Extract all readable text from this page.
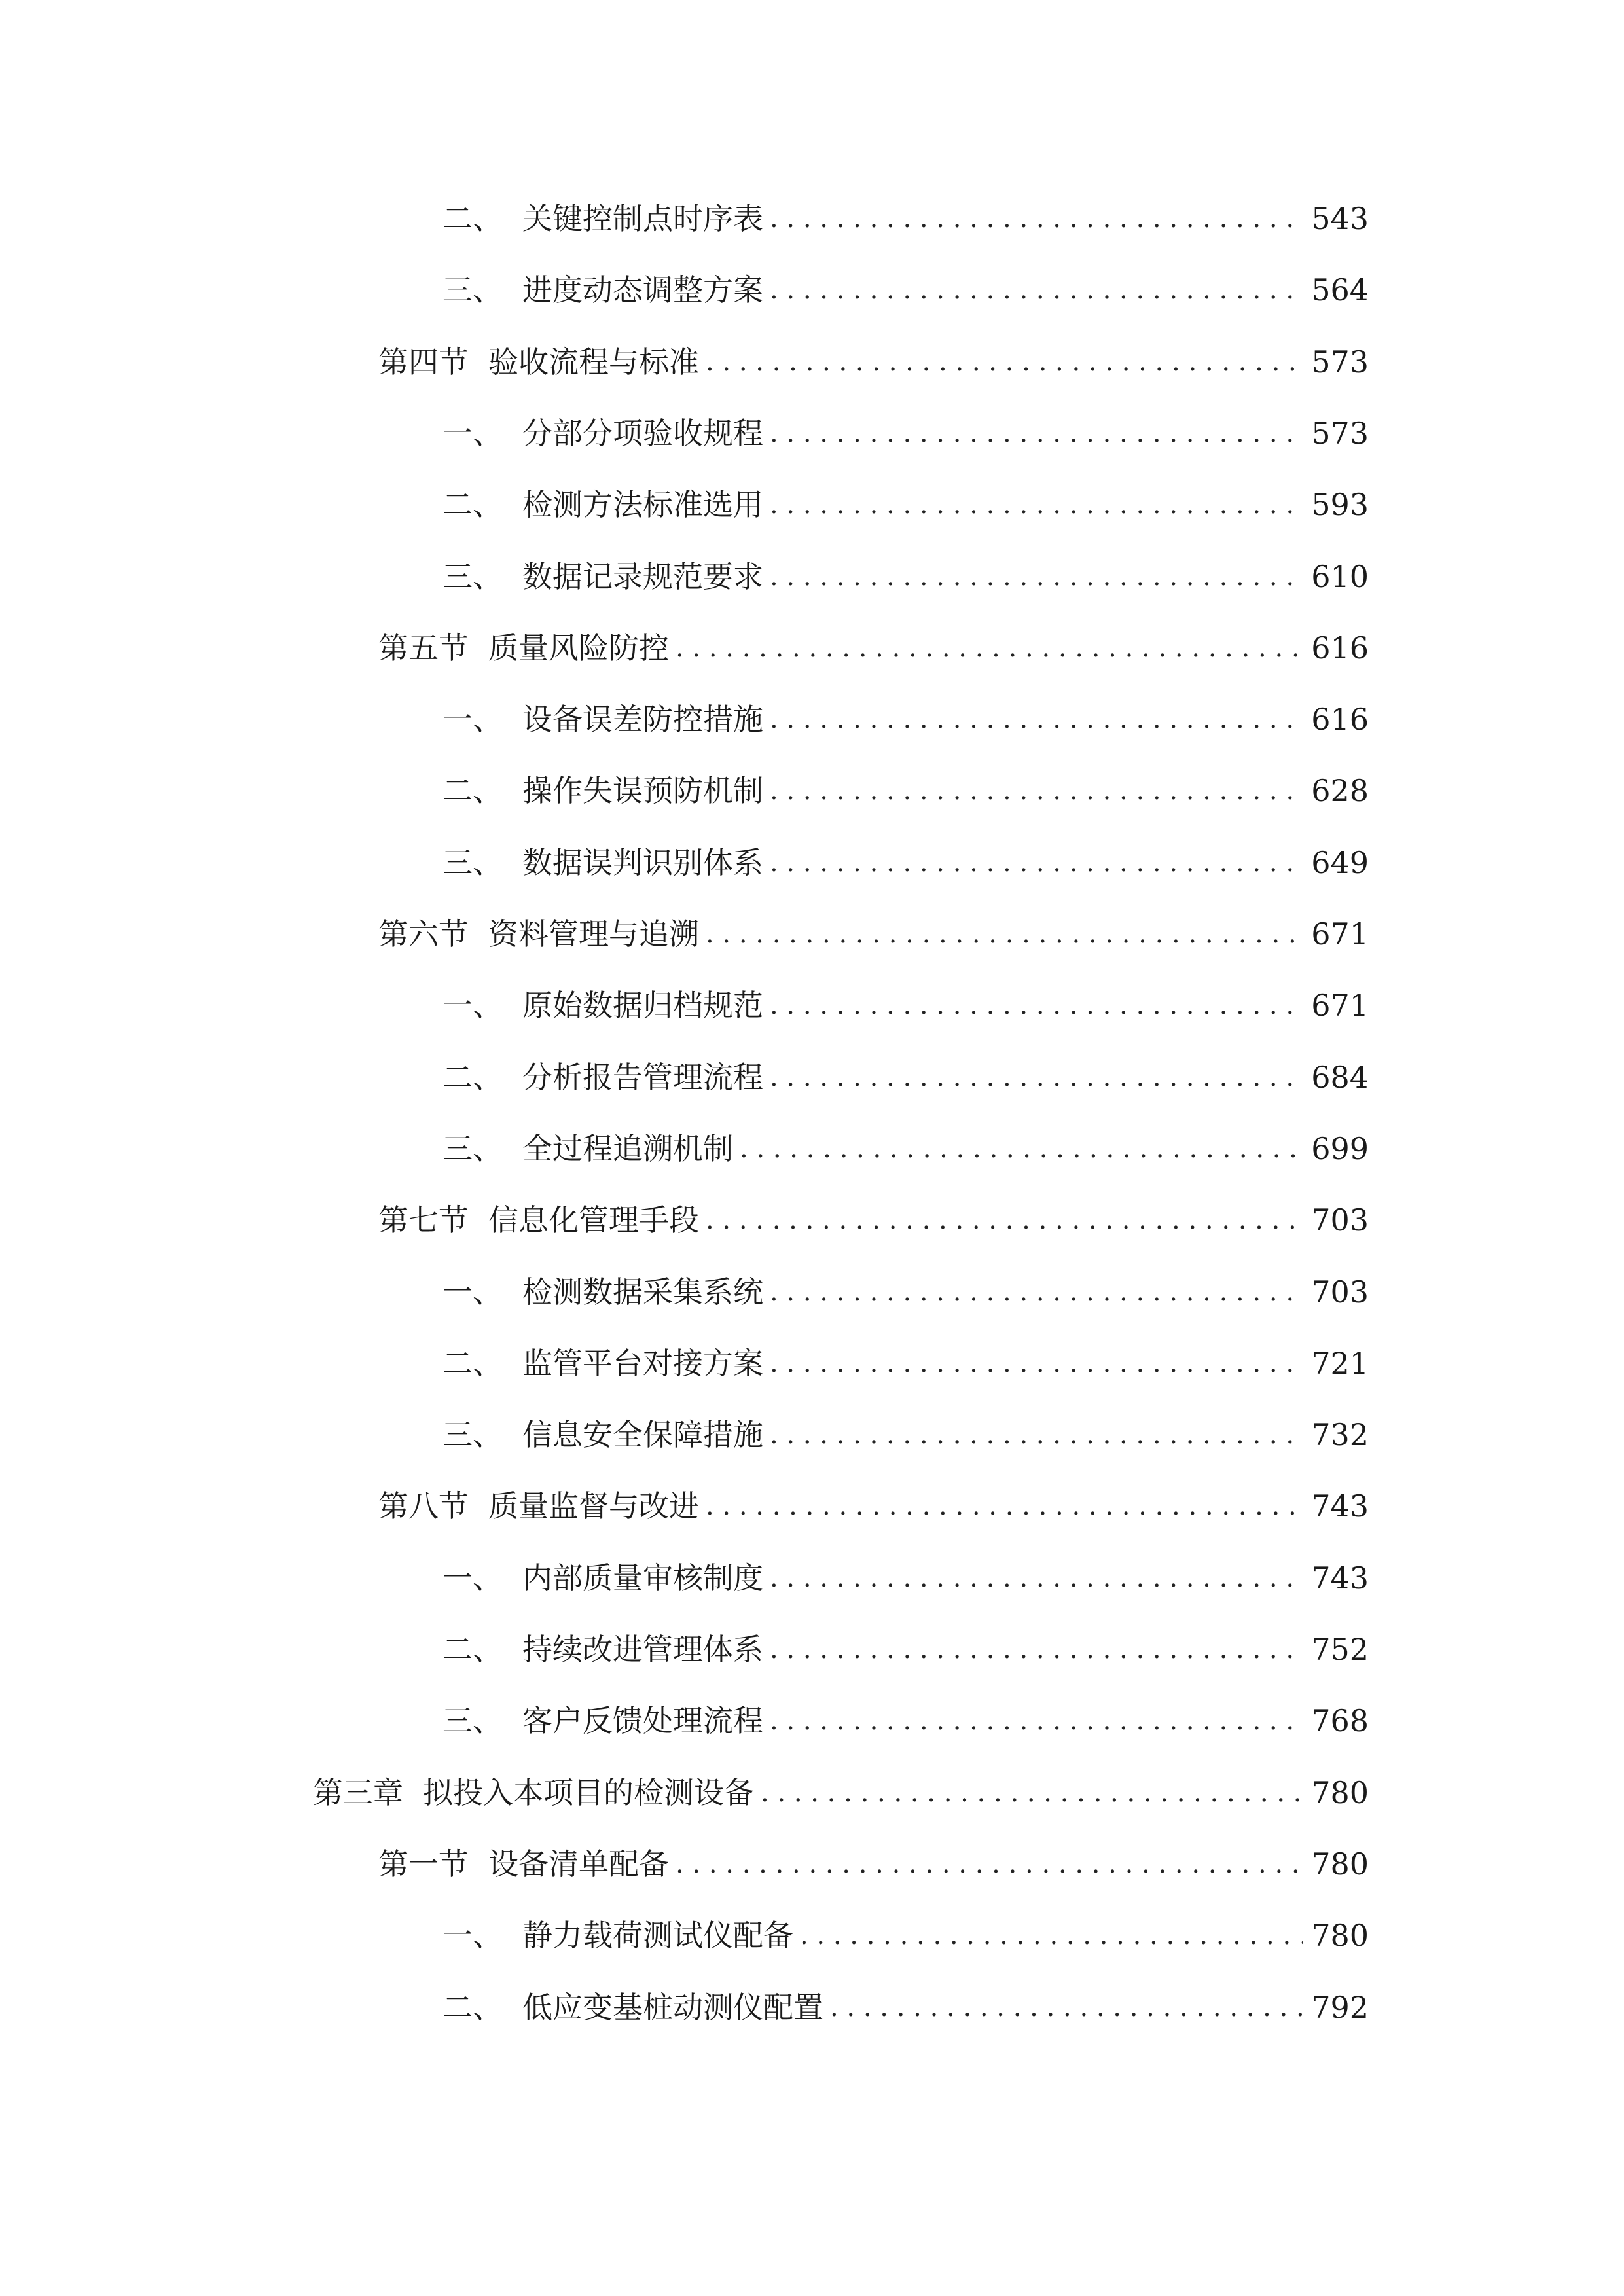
二、 关键控制点时序表 . . .	543
三、 进度动态调整方案 . . .	564
第四节 验收流程与标准 . . .	573
一、 分部分项验收规程 . . .	573
二、 检测方法标准选用 . . .	593
三、 数据记录规范要求 . . .	610
第五节 质量风险防控 . . .	616
一、 设备误差防控措施 . . .	616
二、 操作失误预防机制 . . .	628
三、 数据误判识别体系 . . .	649
第六节 资料管理与追溯 . . .	671
一、 原始数据归档规范 . . .	671
二、 分析报告管理流程 . . .	684
三、 全过程追溯机制 . . .	699
第七节 信息化管理手段 . . .	703
一、 检测数据采集系统 . . .	703
二、 监管平台对接方案 . . .	721
三、 信息安全保障措施 . . .	732
第八节 质量监督与改进 . . .	743
一、 内部质量审核制度 . . .	743
二、 持续改进管理体系 . . .	752
三、 客户反馈处理流程 . . .	768
第三章 拟投入本项目的检测设备 . . .	780
第一节 设备清单配备 . . .	780
一、 静力载荷测试仪配备 . . .	780
二、 低应变基桩动测仪配置 . . .	792
